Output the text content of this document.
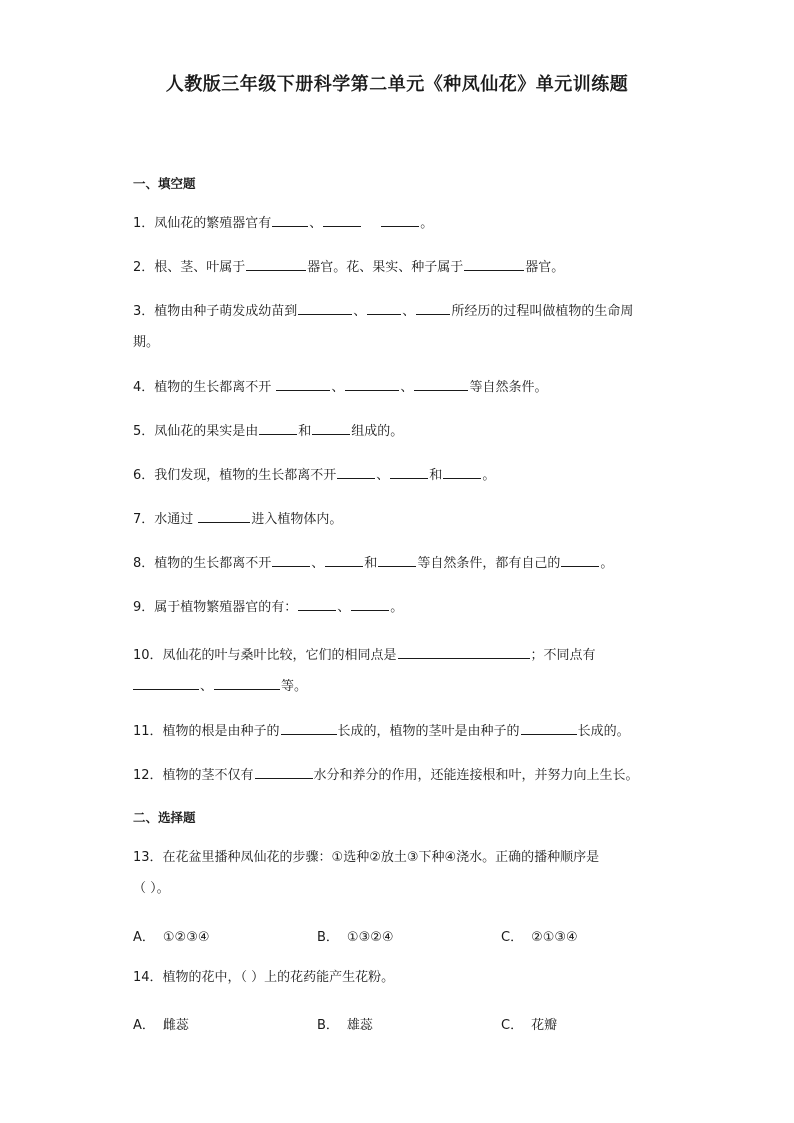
人教版三年级下册科学第二单元《种凤仙花》单元训练题
一、填空题
1．凤仙花的繁殖器官有	、	。
2．根、茎、叶属于	器官。花、果实、种子属于	器官。
3．植物由种子萌发成幼苗到	、	、	所经历的过程叫做植物的生命周
期。
4．植物的生长都离不开	、	、	等自然条件。
5．凤仙花的果实是由	和	组成的。
6．我们发现，植物的生长都离不开	、	和	。
7．水通过	进入植物体内。
8．植物的生长都离不开	、	和	等自然条件，都有自己的	。
9．属于植物繁殖器官的有：	、	。
10．凤仙花的叶与桑叶比较，它们的相同点是	；不同点有
、	等。
11．植物的根是由种子的	长成的，植物的茎叶是由种子的	长成的。
12．植物的茎不仅有	水分和养分的作用，还能连接根和叶，并努力向上生长。
二、选择题
13．在花盆里播种凤仙花的步骤：①选种②放土③下种④浇水。正确的播种顺序是
（ ）。
A． ①②③④	B． ①③②④	C． ②①③④
14．植物的花中，（ ）上的花药能产生花粉。
A． 雌蕊	B． 雄蕊	C． 花瓣
